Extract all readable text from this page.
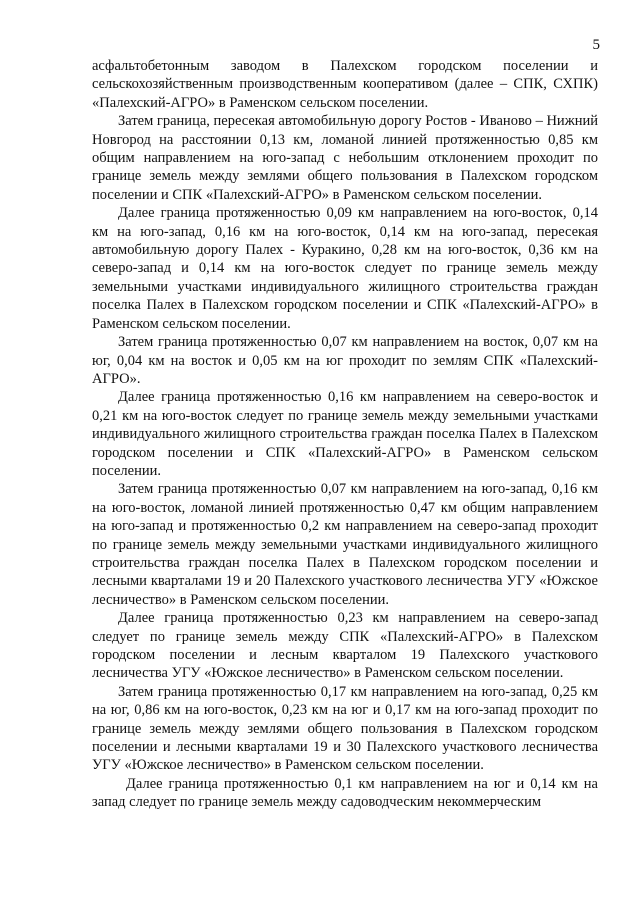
5

асфальтобетонным заводом в Палехском городском поселении и сельскохозяйственным производственным кооперативом (далее – СПК, СХПК) «Палехский-АГРО» в Раменском сельском поселении.

Затем граница, пересекая автомобильную дорогу Ростов - Иваново – Нижний Новгород на расстоянии 0,13 км, ломаной линией протяженностью 0,85 км общим направлением на юго-запад с небольшим отклонением проходит по границе земель между землями общего пользования в Палехском городском поселении и СПК «Палехский-АГРО» в Раменском сельском поселении.

Далее граница протяженностью 0,09 км направлением на юго-восток, 0,14 км на юго-запад, 0,16 км на юго-восток, 0,14 км на юго-запад, пересекая автомобильную дорогу Палех - Куракино, 0,28 км на юго-восток, 0,36 км на северо-запад и 0,14 км на юго-восток следует по границе земель между земельными участками индивидуального жилищного строительства граждан поселка Палех в Палехском городском поселении и СПК «Палехский-АГРО» в Раменском сельском поселении.

Затем граница протяженностью 0,07 км направлением на восток, 0,07 км на юг, 0,04 км на восток и 0,05 км на юг проходит по землям СПК «Палехский-АГРО».

Далее граница протяженностью 0,16 км направлением на северо-восток и 0,21 км на юго-восток следует по границе земель между земельными участками индивидуального жилищного строительства граждан поселка Палех в Палехском городском поселении и СПК «Палехский-АГРО» в Раменском сельском поселении.

Затем граница протяженностью 0,07 км направлением на юго-запад, 0,16 км на юго-восток, ломаной линией протяженностью 0,47 км общим направлением на юго-запад и протяженностью 0,2 км направлением на северо-запад проходит по границе земель между земельными участками индивидуального жилищного строительства граждан поселка Палех в Палехском городском поселении и лесными кварталами 19 и 20 Палехского участкового лесничества УГУ «Южское лесничество» в Раменском сельском поселении.

Далее граница протяженностью 0,23 км направлением на северо-запад следует по границе земель между СПК «Палехский-АГРО» в Палехском городском поселении и лесным кварталом 19 Палехского участкового лесничества УГУ «Южское лесничество» в Раменском сельском поселении.

Затем граница протяженностью 0,17 км направлением на юго-запад, 0,25 км на юг, 0,86 км на юго-восток, 0,23 км на юг и 0,17 км на юго-запад проходит по границе земель между землями общего пользования в Палехском городском поселении и лесными кварталами 19 и 30 Палехского участкового лесничества УГУ «Южское лесничество» в Раменском сельском поселении.

Далее граница протяженностью 0,1 км направлением на юг и 0,14 км на запад следует по границе земель между садоводческим некоммерческим
